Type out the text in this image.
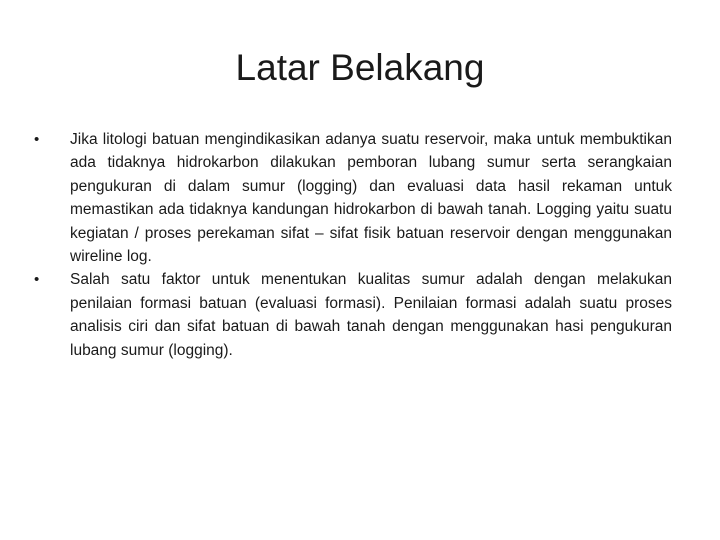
Latar Belakang
•	Jika litologi batuan mengindikasikan adanya suatu reservoir, maka untuk membuktikan ada tidaknya hidrokarbon dilakukan pemboran lubang sumur serta serangkaian pengukuran di dalam sumur (logging) dan evaluasi data hasil rekaman untuk memastikan ada tidaknya kandungan hidrokarbon di bawah tanah. Logging yaitu suatu kegiatan / proses perekaman sifat – sifat fisik batuan reservoir dengan menggunakan wireline log.
•	Salah satu faktor untuk menentukan kualitas sumur adalah dengan melakukan penilaian formasi batuan (evaluasi formasi). Penilaian formasi adalah suatu proses analisis ciri dan sifat batuan di bawah tanah dengan menggunakan hasi pengukuran lubang sumur (logging).
